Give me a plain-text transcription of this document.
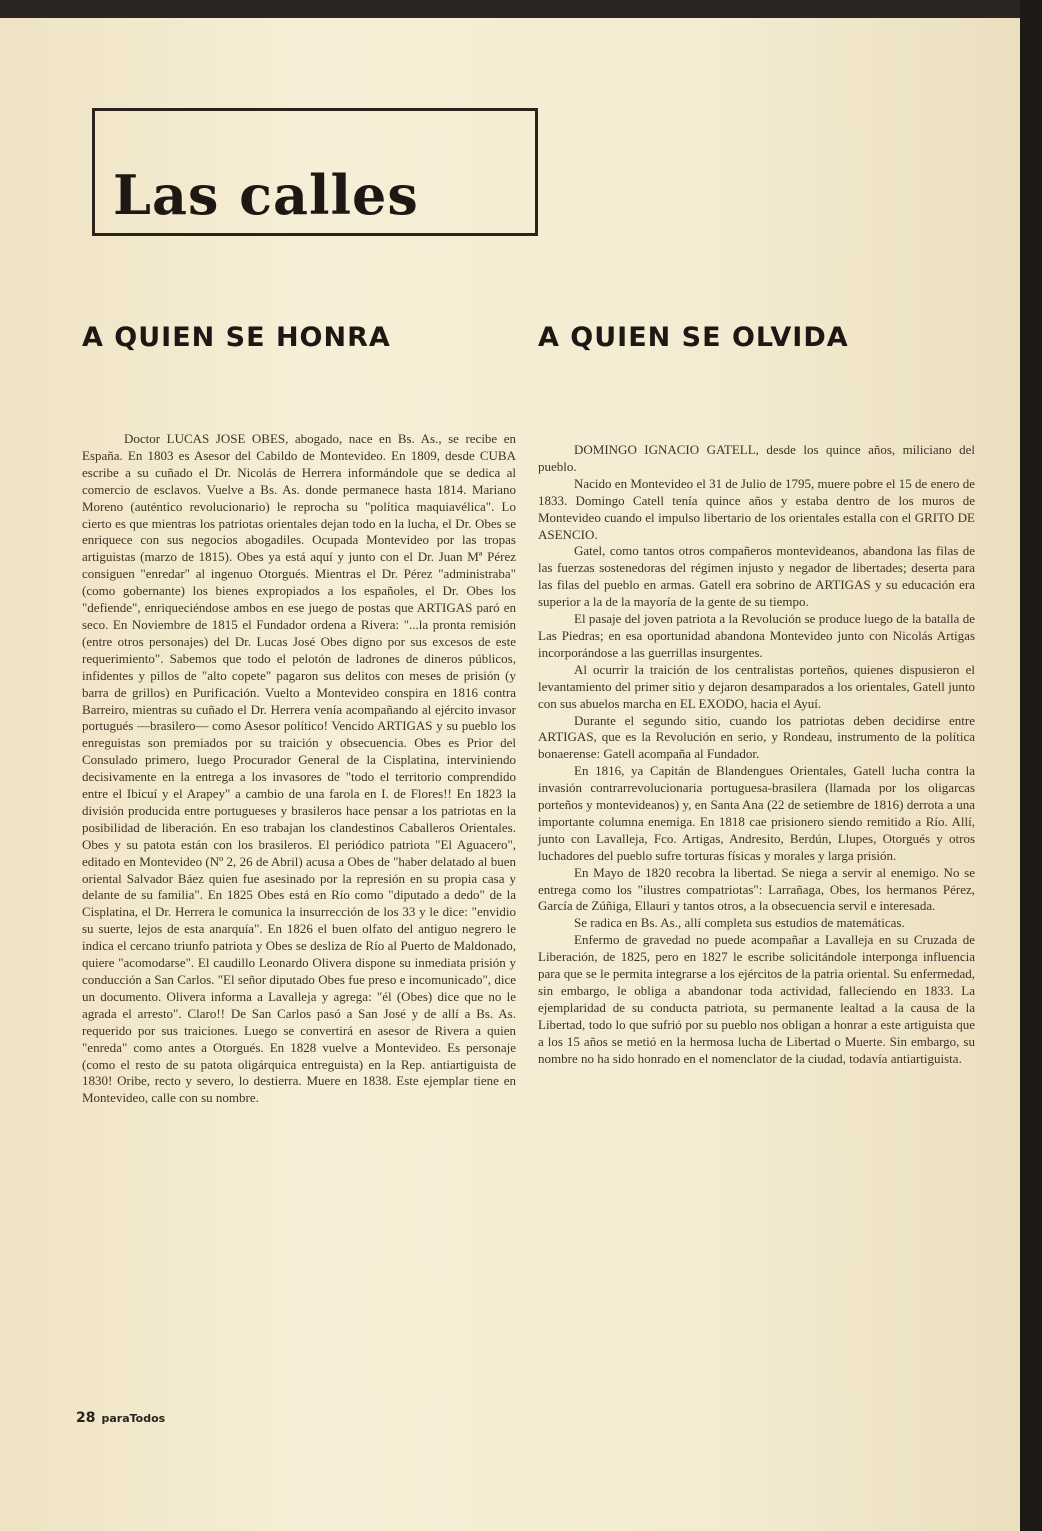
Las calles
A QUIEN SE HONRA	A QUIEN SE OLVIDA

Doctor LUCAS JOSE OBES, abogado, nace en Bs. As., se recibe en España. En 1803 es Asesor del Cabildo de Montevideo. En 1809, desde CUBA escribe a su cuñado el Dr. Nicolás de Herrera informándole que se dedica al comercio de esclavos. Vuelve a Bs. As. donde permanece hasta 1814. Mariano Moreno (auténtico revolucionario) le reprocha su "política maquiavélica". Lo cierto es que mientras los patriotas orientales dejan todo en la lucha, el Dr. Obes se enriquece con sus negocios abogadiles. Ocupada Montevideo por las tropas artiguistas (marzo de 1815). Obes ya está aquí y junto con el Dr. Juan Mª Pérez consiguen "enredar" al ingenuo Otorgués. Mientras el Dr. Pérez "administraba" (como gobernante) los bienes expropiados a los españoles, el Dr. Obes los "defiende", enriqueciéndose ambos en ese juego de postas que ARTIGAS paró en seco. En Noviembre de 1815 el Fundador ordena a Rivera: "...la pronta remisión (entre otros personajes) del Dr. Lucas José Obes digno por sus excesos de este requerimiento". Sabemos que todo el pelotón de ladrones de dineros públicos, infidentes y pillos de "alto copete" pagaron sus delitos con meses de prisión (y barra de grillos) en Purificación. Vuelto a Montevideo conspira en 1816 contra Barreiro, mientras su cuñado el Dr. Herrera venía acompañando al ejército invasor portugués —brasilero— como Asesor político! Vencido ARTIGAS y su pueblo los enreguistas son premiados por su traición y obsecuencia. Obes es Prior del Consulado primero, luego Procurador General de la Cisplatina, interviniendo decisivamente en la entrega a los invasores de "todo el territorio comprendido entre el Ibicuí y el Arapey" a cambio de una farola en I. de Flores!! En 1823 la división producida entre portugueses y brasileros hace pensar a los patriotas en la posibilidad de liberación. En eso trabajan los clandestinos Caballeros Orientales. Obes y su patota están con los brasileros. El periódico patriota "El Aguacero", editado en Montevideo (Nº 2, 26 de Abril) acusa a Obes de "haber delatado al buen oriental Salvador Báez quien fue asesinado por la represión en su propia casa y delante de su familia". En 1825 Obes está en Río como "diputado a dedo" de la Cisplatina, el Dr. Herrera le comunica la insurrección de los 33 y le dice: "envidio su suerte, lejos de esta anarquía". En 1826 el buen olfato del antiguo negrero le indica el cercano triunfo patriota y Obes se desliza de Río al Puerto de Maldonado, quiere "acomodarse". El caudillo Leonardo Olivera dispone su inmediata prisión y conducción a San Carlos. "El señor diputado Obes fue preso e incomunicado", dice un documento. Olivera informa a Lavalleja y agrega: "él (Obes) dice que no le agrada el arresto". Claro!! De San Carlos pasó a San José y de allí a Bs. As. requerido por sus traiciones. Luego se convertirá en asesor de Rivera a quien "enreda" como antes a Otorgués. En 1828 vuelve a Montevideo. Es personaje (como el resto de su patota oligárquica entreguista) en la Rep. antiartiguista de 1830! Oribe, recto y severo, lo destierra. Muere en 1838. Este ejemplar tiene en Montevideo, calle con su nombre.

DOMINGO IGNACIO GATELL, desde los quince años, miliciano del pueblo.

Nacido en Montevideo el 31 de Julio de 1795, muere pobre el 15 de enero de 1833. Domingo Catell tenía quince años y estaba dentro de los muros de Montevideo cuando el impulso libertario de los orientales estalla con el GRITO DE ASENCIO.

Gatel, como tantos otros compañeros montevideanos, abandona las filas de las fuerzas sostenedoras del régimen injusto y negador de libertades; deserta para las filas del pueblo en armas. Gatell era sobrino de ARTIGAS y su educación era superior a la de la mayoría de la gente de su tiempo.

El pasaje del joven patriota a la Revolución se produce luego de la batalla de Las Piedras; en esa oportunidad abandona Montevideo junto con Nicolás Artigas incorporándose a las guerrillas insurgentes.

Al ocurrir la traición de los centralistas porteños, quienes dispusieron el levantamiento del primer sitio y dejaron desamparados a los orientales, Gatell junto con sus abuelos marcha en EL EXODO, hacia el Ayuí.

Durante el segundo sitio, cuando los patriotas deben decidirse entre ARTIGAS, que es la Revolución en serio, y Rondeau, instrumento de la política bonaerense: Gatell acompaña al Fundador.

En 1816, ya Capitán de Blandengues Orientales, Gatell lucha contra la invasión contrarrevolucionaria portuguesa-brasilera (llamada por los oligarcas porteños y montevideanos) y, en Santa Ana (22 de setiembre de 1816) derrota a una importante columna enemiga. En 1818 cae prisionero siendo remitido a Río. Allí, junto con Lavalleja, Fco. Artigas, Andresito, Berdún, Llupes, Otorgués y otros luchadores del pueblo sufre torturas físicas y morales y larga prisión.

En Mayo de 1820 recobra la libertad. Se niega a servir al enemigo. No se entrega como los "ilustres compatriotas": Larrañaga, Obes, los hermanos Pérez, García de Zúñiga, Ellauri y tantos otros, a la obsecuencia servil e interesada.

Se radica en Bs. As., allí completa sus estudios de matemáticas.

Enfermo de gravedad no puede acompañar a Lavalleja en su Cruzada de Liberación, de 1825, pero en 1827 le escribe solicitándole interponga influencia para que se le permita integrarse a los ejércitos de la patria oriental. Su enfermedad, sin embargo, le obliga a abandonar toda actividad, falleciendo en 1833. La ejemplaridad de su conducta patriota, su permanente lealtad a la causa de la Libertad, todo lo que sufrió por su pueblo nos obligan a honrar a este artiguista que a los 15 años se metió en la hermosa lucha de Libertad o Muerte. Sin embargo, su nombre no ha sido honrado en el nomenclator de la ciudad, todavía antiartiguista.

28 paraTodos
